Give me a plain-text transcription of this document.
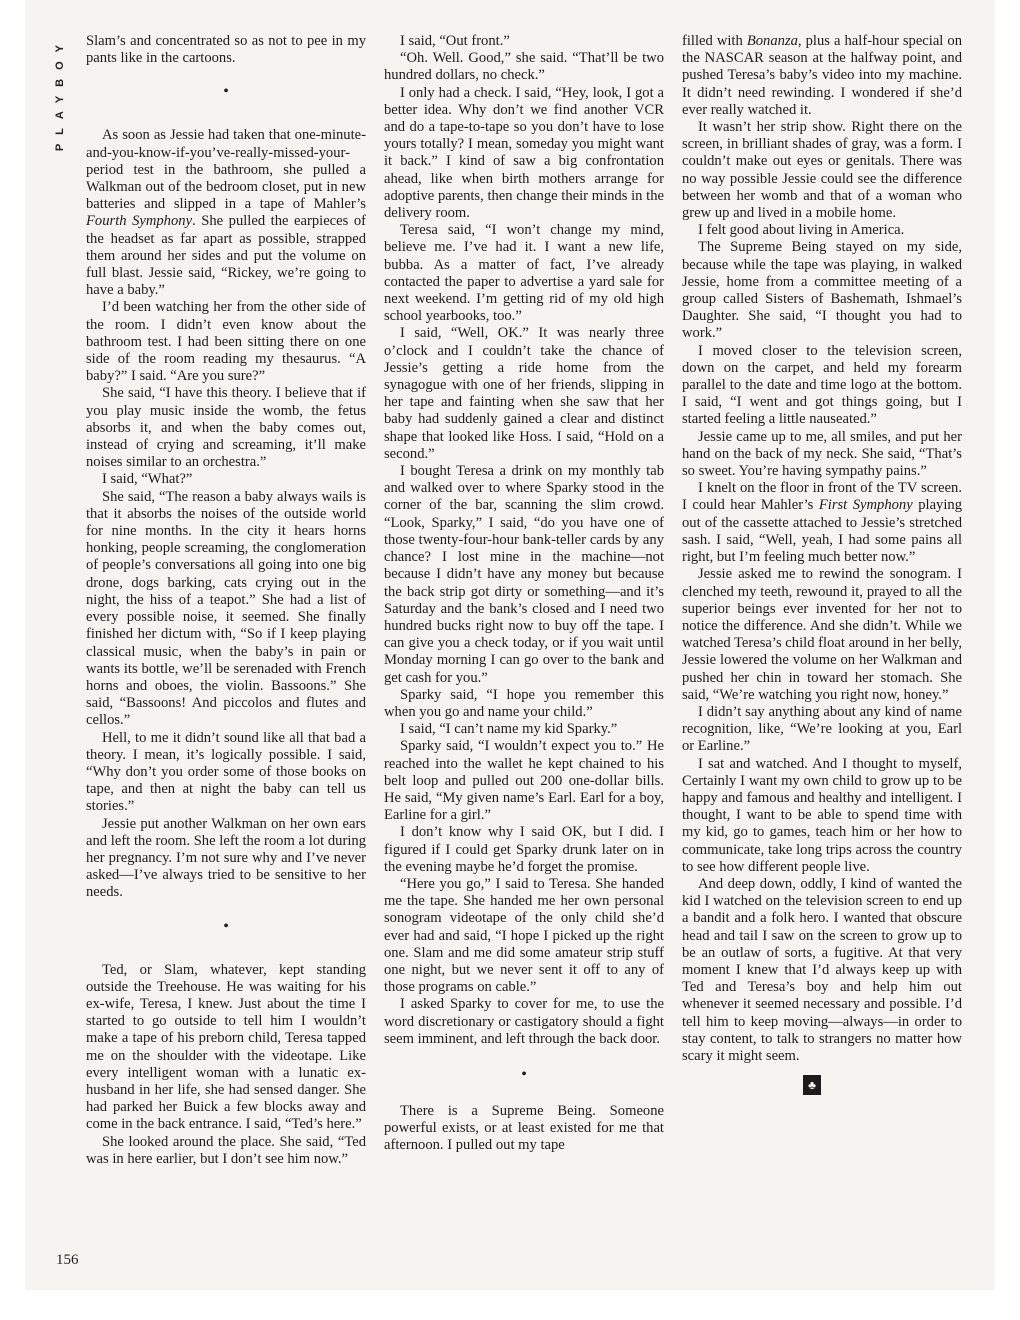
PLAYBOY
156

Slam’s and concentrated so as not to pee in my pants like in the cartoons.

•

As soon as Jessie had taken that one-minute-and-you-know-if-you’ve-really-missed-your-period test in the bathroom, she pulled a Walkman out of the bedroom closet, put in new batteries and slipped in a tape of Mahler’s Fourth Symphony. She pulled the earpieces of the headset as far apart as possible, strapped them around her sides and put the volume on full blast. Jessie said, “Rickey, we’re going to have a baby.”

I’d been watching her from the other side of the room. I didn’t even know about the bathroom test. I had been sitting there on one side of the room reading my thesaurus. “A baby?” I said. “Are you sure?”

She said, “I have this theory. I believe that if you play music inside the womb, the fetus absorbs it, and when the baby comes out, instead of crying and screaming, it’ll make noises similar to an orchestra.”

I said, “What?”

She said, “The reason a baby always wails is that it absorbs the noises of the outside world for nine months. In the city it hears horns honking, people screaming, the conglomeration of people’s conversations all going into one big drone, dogs barking, cats crying out in the night, the hiss of a teapot.” She had a list of every possible noise, it seemed. She finally finished her dictum with, “So if I keep playing classical music, when the baby’s in pain or wants its bottle, we’ll be serenaded with French horns and oboes, the violin. Bassoons.” She said, “Bassoons! And piccolos and flutes and cellos.”

Hell, to me it didn’t sound like all that bad a theory. I mean, it’s logically possible. I said, “Why don’t you order some of those books on tape, and then at night the baby can tell us stories.”

Jessie put another Walkman on her own ears and left the room. She left the room a lot during her pregnancy. I’m not sure why and I’ve never asked—I’ve always tried to be sensitive to her needs.

•

Ted, or Slam, whatever, kept standing outside the Treehouse. He was waiting for his ex-wife, Teresa, I knew. Just about the time I started to go outside to tell him I wouldn’t make a tape of his preborn child, Teresa tapped me on the shoulder with the videotape. Like every intelligent woman with a lunatic ex-husband in her life, she had sensed danger. She had parked her Buick a few blocks away and come in the back entrance. I said, “Ted’s here.”

She looked around the place. She said, “Ted was in here earlier, but I don’t see him now.”

I said, “Out front.”

“Oh. Well. Good,” she said. “That’ll be two hundred dollars, no check.”

I only had a check. I said, “Hey, look, I got a better idea. Why don’t we find another VCR and do a tape-to-tape so you don’t have to lose yours totally? I mean, someday you might want it back.” I kind of saw a big confrontation ahead, like when birth mothers arrange for adoptive parents, then change their minds in the delivery room.

Teresa said, “I won’t change my mind, believe me. I’ve had it. I want a new life, bubba. As a matter of fact, I’ve already contacted the paper to advertise a yard sale for next weekend. I’m getting rid of my old high school yearbooks, too.”

I said, “Well, OK.” It was nearly three o’clock and I couldn’t take the chance of Jessie’s getting a ride home from the synagogue with one of her friends, slipping in her tape and fainting when she saw that her baby had suddenly gained a clear and distinct shape that looked like Hoss. I said, “Hold on a second.”

I bought Teresa a drink on my monthly tab and walked over to where Sparky stood in the corner of the bar, scanning the slim crowd. “Look, Sparky,” I said, “do you have one of those twenty-four-hour bank-teller cards by any chance? I lost mine in the machine—not because I didn’t have any money but because the back strip got dirty or something—and it’s Saturday and the bank’s closed and I need two hundred bucks right now to buy off the tape. I can give you a check today, or if you wait until Monday morning I can go over to the bank and get cash for you.”

Sparky said, “I hope you remember this when you go and name your child.”

I said, “I can’t name my kid Sparky.”

Sparky said, “I wouldn’t expect you to.” He reached into the wallet he kept chained to his belt loop and pulled out 200 one-dollar bills. He said, “My given name’s Earl. Earl for a boy, Earline for a girl.”

I don’t know why I said OK, but I did. I figured if I could get Sparky drunk later on in the evening maybe he’d forget the promise.

“Here you go,” I said to Teresa. She handed me the tape. She handed me her own personal sonogram videotape of the only child she’d ever had and said, “I hope I picked up the right one. Slam and me did some amateur strip stuff one night, but we never sent it off to any of those programs on cable.”

I asked Sparky to cover for me, to use the word discretionary or castigatory should a fight seem imminent, and left through the back door.

•

There is a Supreme Being. Someone powerful exists, or at least existed for me that afternoon. I pulled out my tape

filled with Bonanza, plus a half-hour special on the NASCAR season at the halfway point, and pushed Teresa’s baby’s video into my machine. It didn’t need rewinding. I wondered if she’d ever really watched it.

It wasn’t her strip show. Right there on the screen, in brilliant shades of gray, was a form. I couldn’t make out eyes or genitals. There was no way possible Jessie could see the difference between her womb and that of a woman who grew up and lived in a mobile home.

I felt good about living in America.

The Supreme Being stayed on my side, because while the tape was playing, in walked Jessie, home from a committee meeting of a group called Sisters of Bashemath, Ishmael’s Daughter. She said, “I thought you had to work.”

I moved closer to the television screen, down on the carpet, and held my forearm parallel to the date and time logo at the bottom. I said, “I went and got things going, but I started feeling a little nauseated.”

Jessie came up to me, all smiles, and put her hand on the back of my neck. She said, “That’s so sweet. You’re having sympathy pains.”

I knelt on the floor in front of the TV screen. I could hear Mahler’s First Symphony playing out of the cassette attached to Jessie’s stretched sash. I said, “Well, yeah, I had some pains all right, but I’m feeling much better now.”

Jessie asked me to rewind the sonogram. I clenched my teeth, rewound it, prayed to all the superior beings ever invented for her not to notice the difference. And she didn’t. While we watched Teresa’s child float around in her belly, Jessie lowered the volume on her Walkman and pushed her chin in toward her stomach. She said, “We’re watching you right now, honey.”

I didn’t say anything about any kind of name recognition, like, “We’re looking at you, Earl or Earline.”

I sat and watched. And I thought to myself, Certainly I want my own child to grow up to be happy and famous and healthy and intelligent. I thought, I want to be able to spend time with my kid, go to games, teach him or her how to communicate, take long trips across the country to see how different people live.

And deep down, oddly, I kind of wanted the kid I watched on the television screen to end up a bandit and a folk hero. I wanted that obscure head and tail I saw on the screen to grow up to be an outlaw of sorts, a fugitive. At that very moment I knew that I’d always keep up with Ted and Teresa’s boy and help him out whenever it seemed necessary and possible. I’d tell him to keep moving—always—in order to stay content, to talk to strangers no matter how scary it might seem.

♣
